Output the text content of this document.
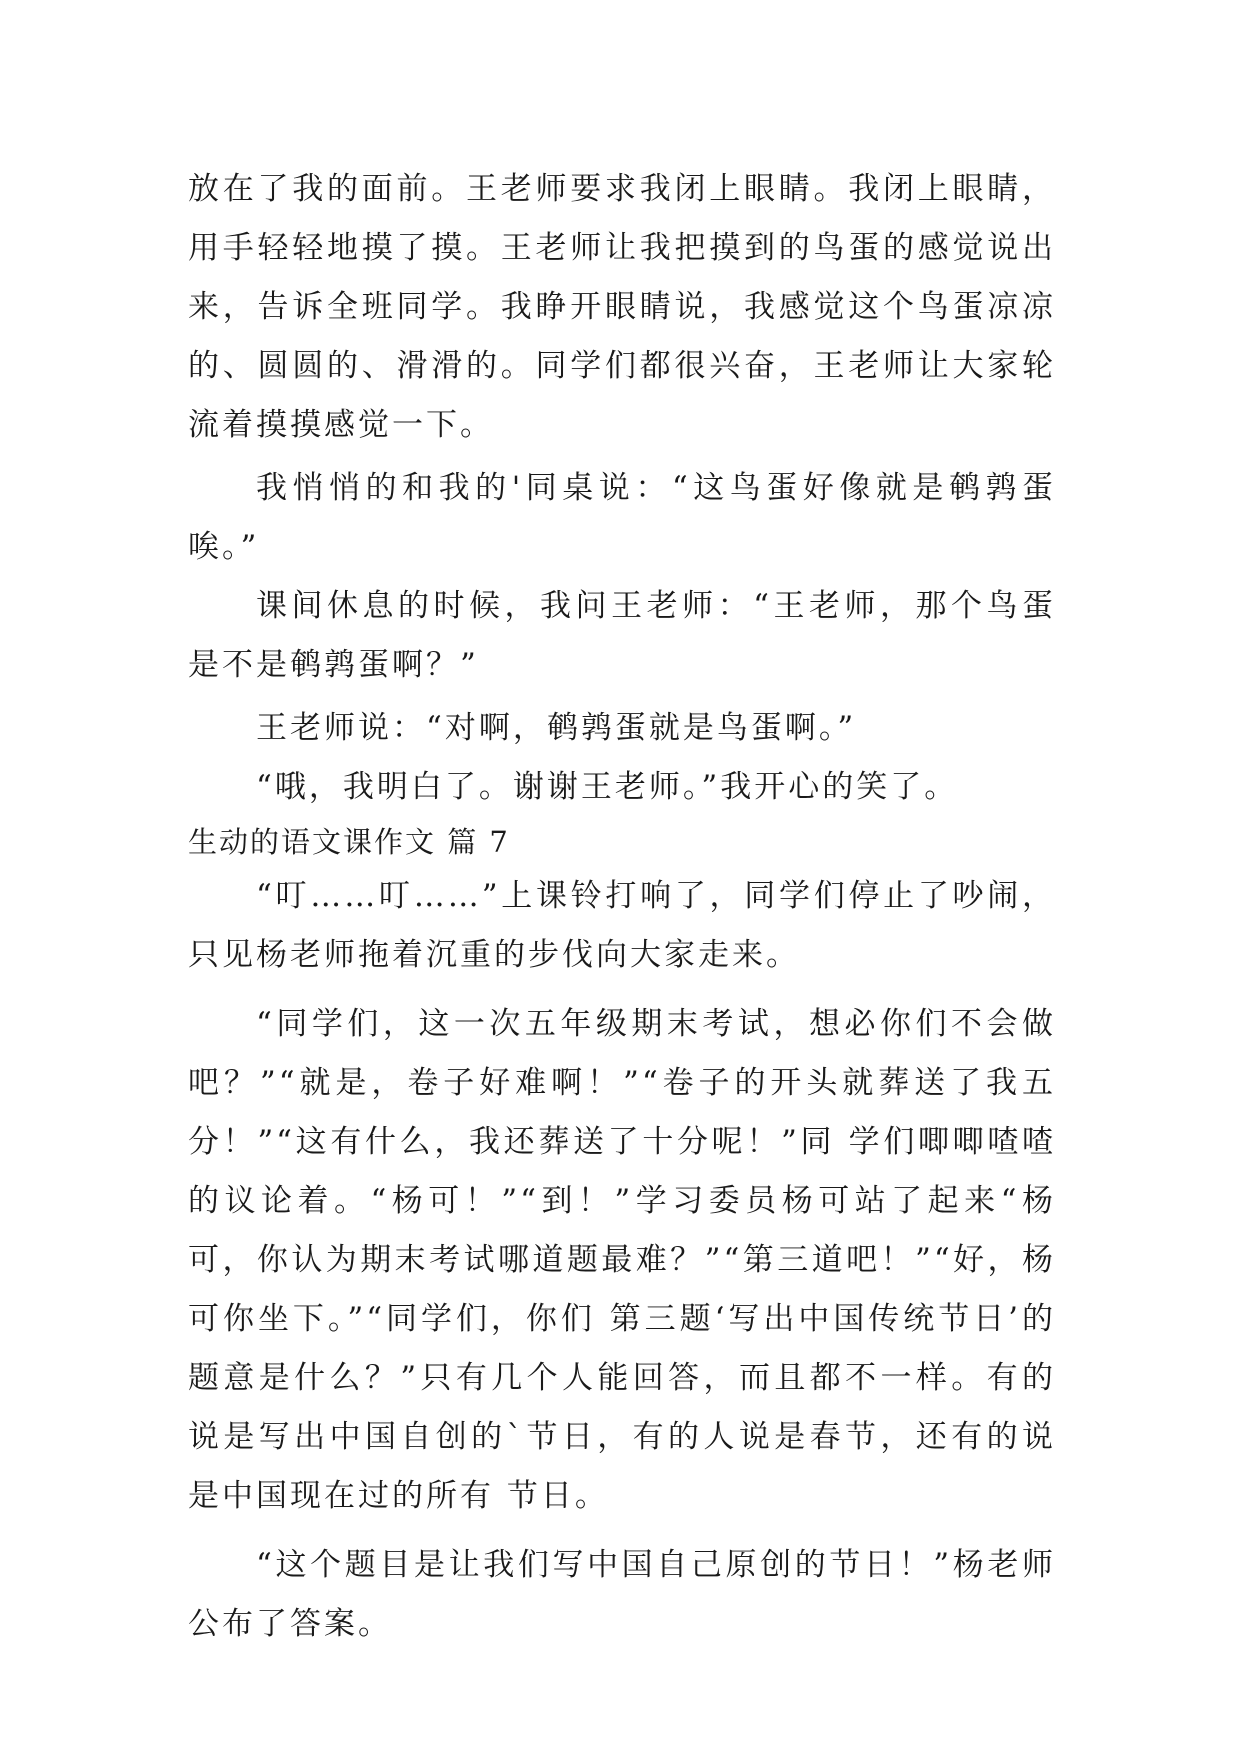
放在了我的面前。王老师要求我闭上眼睛。我闭上眼睛，用手轻轻地摸了摸。王老师让我把摸到的鸟蛋的感觉说出来，告诉全班同学。我睁开眼睛说，我感觉这个鸟蛋凉凉的、圆圆的、滑滑的。同学们都很兴奋，王老师让大家轮流着摸摸感觉一下。

我悄悄的和我的'同桌说：“这鸟蛋好像就是鹌鹑蛋唉。”

课间休息的时候，我问王老师：“王老师，那个鸟蛋是不是鹌鹑蛋啊？”

王老师说：“对啊，鹌鹑蛋就是鸟蛋啊。”

“哦，我明白了。谢谢王老师。”我开心的笑了。

生动的语文课作文 篇 7

“叮……叮……”上课铃打响了，同学们停止了吵闹，只见杨老师拖着沉重的步伐向大家走来。

“同学们，这一次五年级期末考试，想必你们不会做吧？”“就是，卷子好难啊！”“卷子的开头就葬送了我五分！”“这有什么，我还葬送了十分呢！”同 学们唧唧喳喳的议论着。“杨可！”“到！”学习委员杨可站了起来“杨可，你认为期末考试哪道题最难？”“第三道吧！”“好，杨可你坐下。”“同学们，你们 第三题‘写出中国传统节日’的题意是什么？”只有几个人能回答，而且都不一样。有的说是写出中国自创的`节日，有的人说是春节，还有的说是中国现在过的所有 节日。

“这个题目是让我们写中国自己原创的节日！”杨老师公布了答案。
